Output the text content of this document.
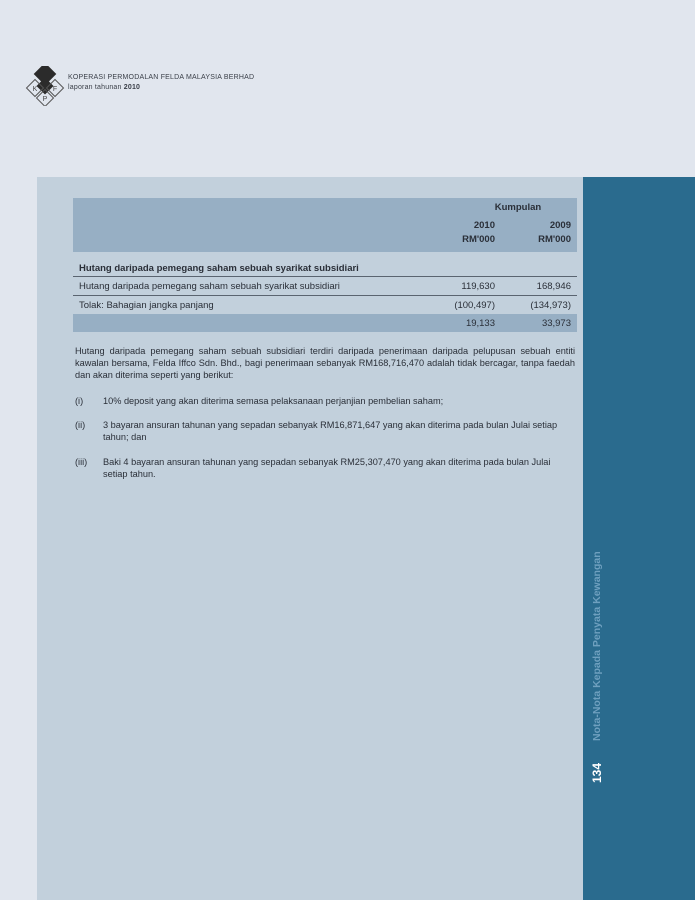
K
P
F
KOPERASI PERMODALAN FELDA MALAYSIA BERHAD
laporan tahunan 2010
Nota-Nota Kepada Penyata Kewangan
134
	Kumpulan	
	2010	2009
	RM'000	RM'000
Hutang daripada pemegang saham sebuah syarikat subsidiari		
Hutang daripada pemegang saham sebuah syarikat subsidiari	119,630	168,946
Tolak: Bahagian jangka panjang	(100,497)	(134,973)
	19,133	33,973
Hutang daripada pemegang saham sebuah subsidiari terdiri daripada penerimaan daripada pelupusan sebuah entiti kawalan bersama, Felda Iffco Sdn. Bhd., bagi penerimaan sebanyak RM168,716,470 adalah tidak bercagar, tanpa faedah dan akan diterima seperti yang berikut:
(i) 10% deposit yang akan diterima semasa pelaksanaan perjanjian pembelian saham;
(ii) 3 bayaran ansuran tahunan yang sepadan sebanyak RM16,871,647 yang akan diterima pada bulan Julai setiap tahun; dan
(iii) Baki 4 bayaran ansuran tahunan yang sepadan sebanyak RM25,307,470 yang akan diterima pada bulan Julai setiap tahun.
